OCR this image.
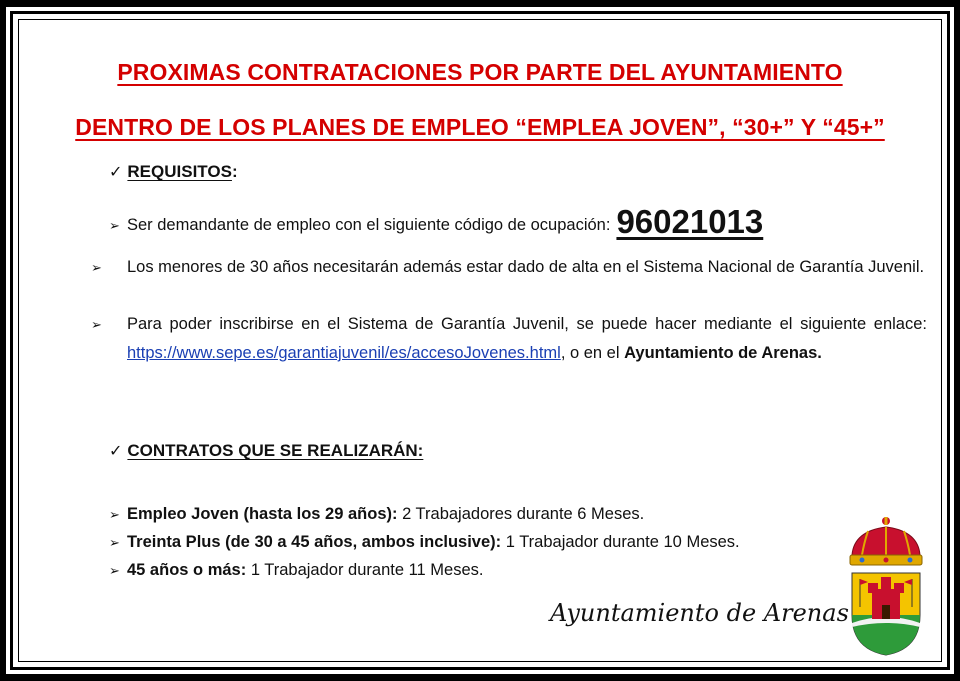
PROXIMAS CONTRATACIONES POR PARTE DEL AYUNTAMIENTO
DENTRO DE LOS PLANES DE EMPLEO “EMPLEA JOVEN”, “30+” Y “45+”
✓ REQUISITOS:
➢ Ser demandante de empleo con el siguiente código de ocupación: 96021013
➢ Los menores de 30 años necesitarán además estar dado de alta en el Sistema Nacional de Garantía Juvenil.
➢ Para poder inscribirse en el Sistema de Garantía Juvenil, se puede hacer mediante el siguiente enlace: https://www.sepe.es/garantiajuvenil/es/accesoJovenes.html, o en el Ayuntamiento de Arenas.
✓ CONTRATOS QUE SE REALIZARÁN:
➢ Empleo Joven (hasta los 29 años): 2 Trabajadores durante 6 Meses.
➢ Treinta Plus (de 30 a 45 años, ambos inclusive): 1 Trabajador durante 10 Meses.
➢ 45 años o más: 1 Trabajador durante 11 Meses.
Ayuntamiento de Arenas
